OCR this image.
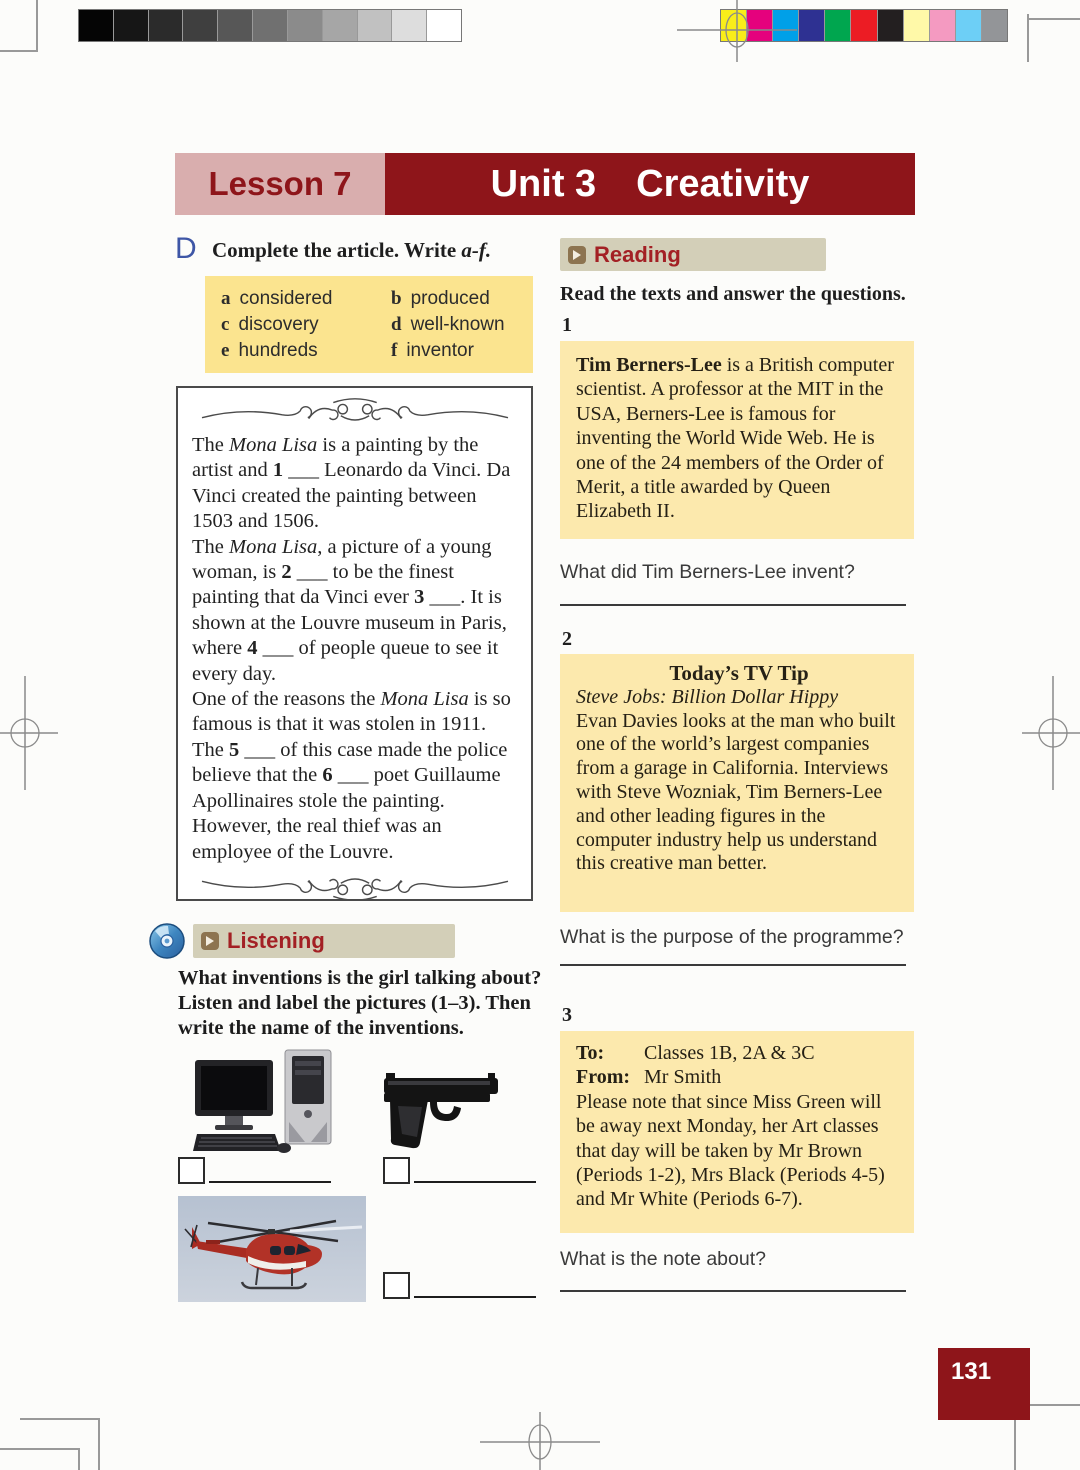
Lesson 7	Unit 3 Creativity
D Complete the article. Write a-f.
a considered	b produced
c discovery	d well-known
e hundreds	f inventor

The Mona Lisa is a painting by the artist and 1 ___ Leonardo da Vinci. Da Vinci created the painting between 1503 and 1506.

The Mona Lisa, a picture of a young woman, is 2 ___ to be the finest painting that da Vinci ever 3 ___. It is shown at the Louvre museum in Paris, where 4 ___ of people queue to see it every day.

One of the reasons the Mona Lisa is so famous is that it was stolen in 1911. The 5 ___ of this case made the police believe that the 6 ___ poet Guillaume Apollinaires stole the painting. However, the real thief was an employee of the Louvre.

Listening
What inventions is the girl talking about? Listen and label the pictures (1–3). Then write the name of the inventions.
Reading
Read the texts and answer the questions.
1
Tim Berners-Lee is a British computer scientist. A professor at the MIT in the USA, Berners-Lee is famous for inventing the World Wide Web. He is one of the 24 members of the Order of Merit, a title awarded by Queen Elizabeth II.
What did Tim Berners-Lee invent?
2

Today’s TV Tip

Steve Jobs: Billion Dollar Hippy

Evan Davies looks at the man who built one of the world’s largest companies from a garage in California. Interviews with Steve Wozniak, Tim Berners-Lee and other leading figures in the computer industry help us understand this creative man better.
What is the purpose of the programme?
3
To:	Classes 1B, 2A & 3C
From: Mr Smith
Please note that since Miss Green will be away next Monday, her Art classes that day will be taken by Mr Brown (Periods 1-2), Mrs Black (Periods 4-5) and Mr White (Periods 6-7).
What is the note about?
131
